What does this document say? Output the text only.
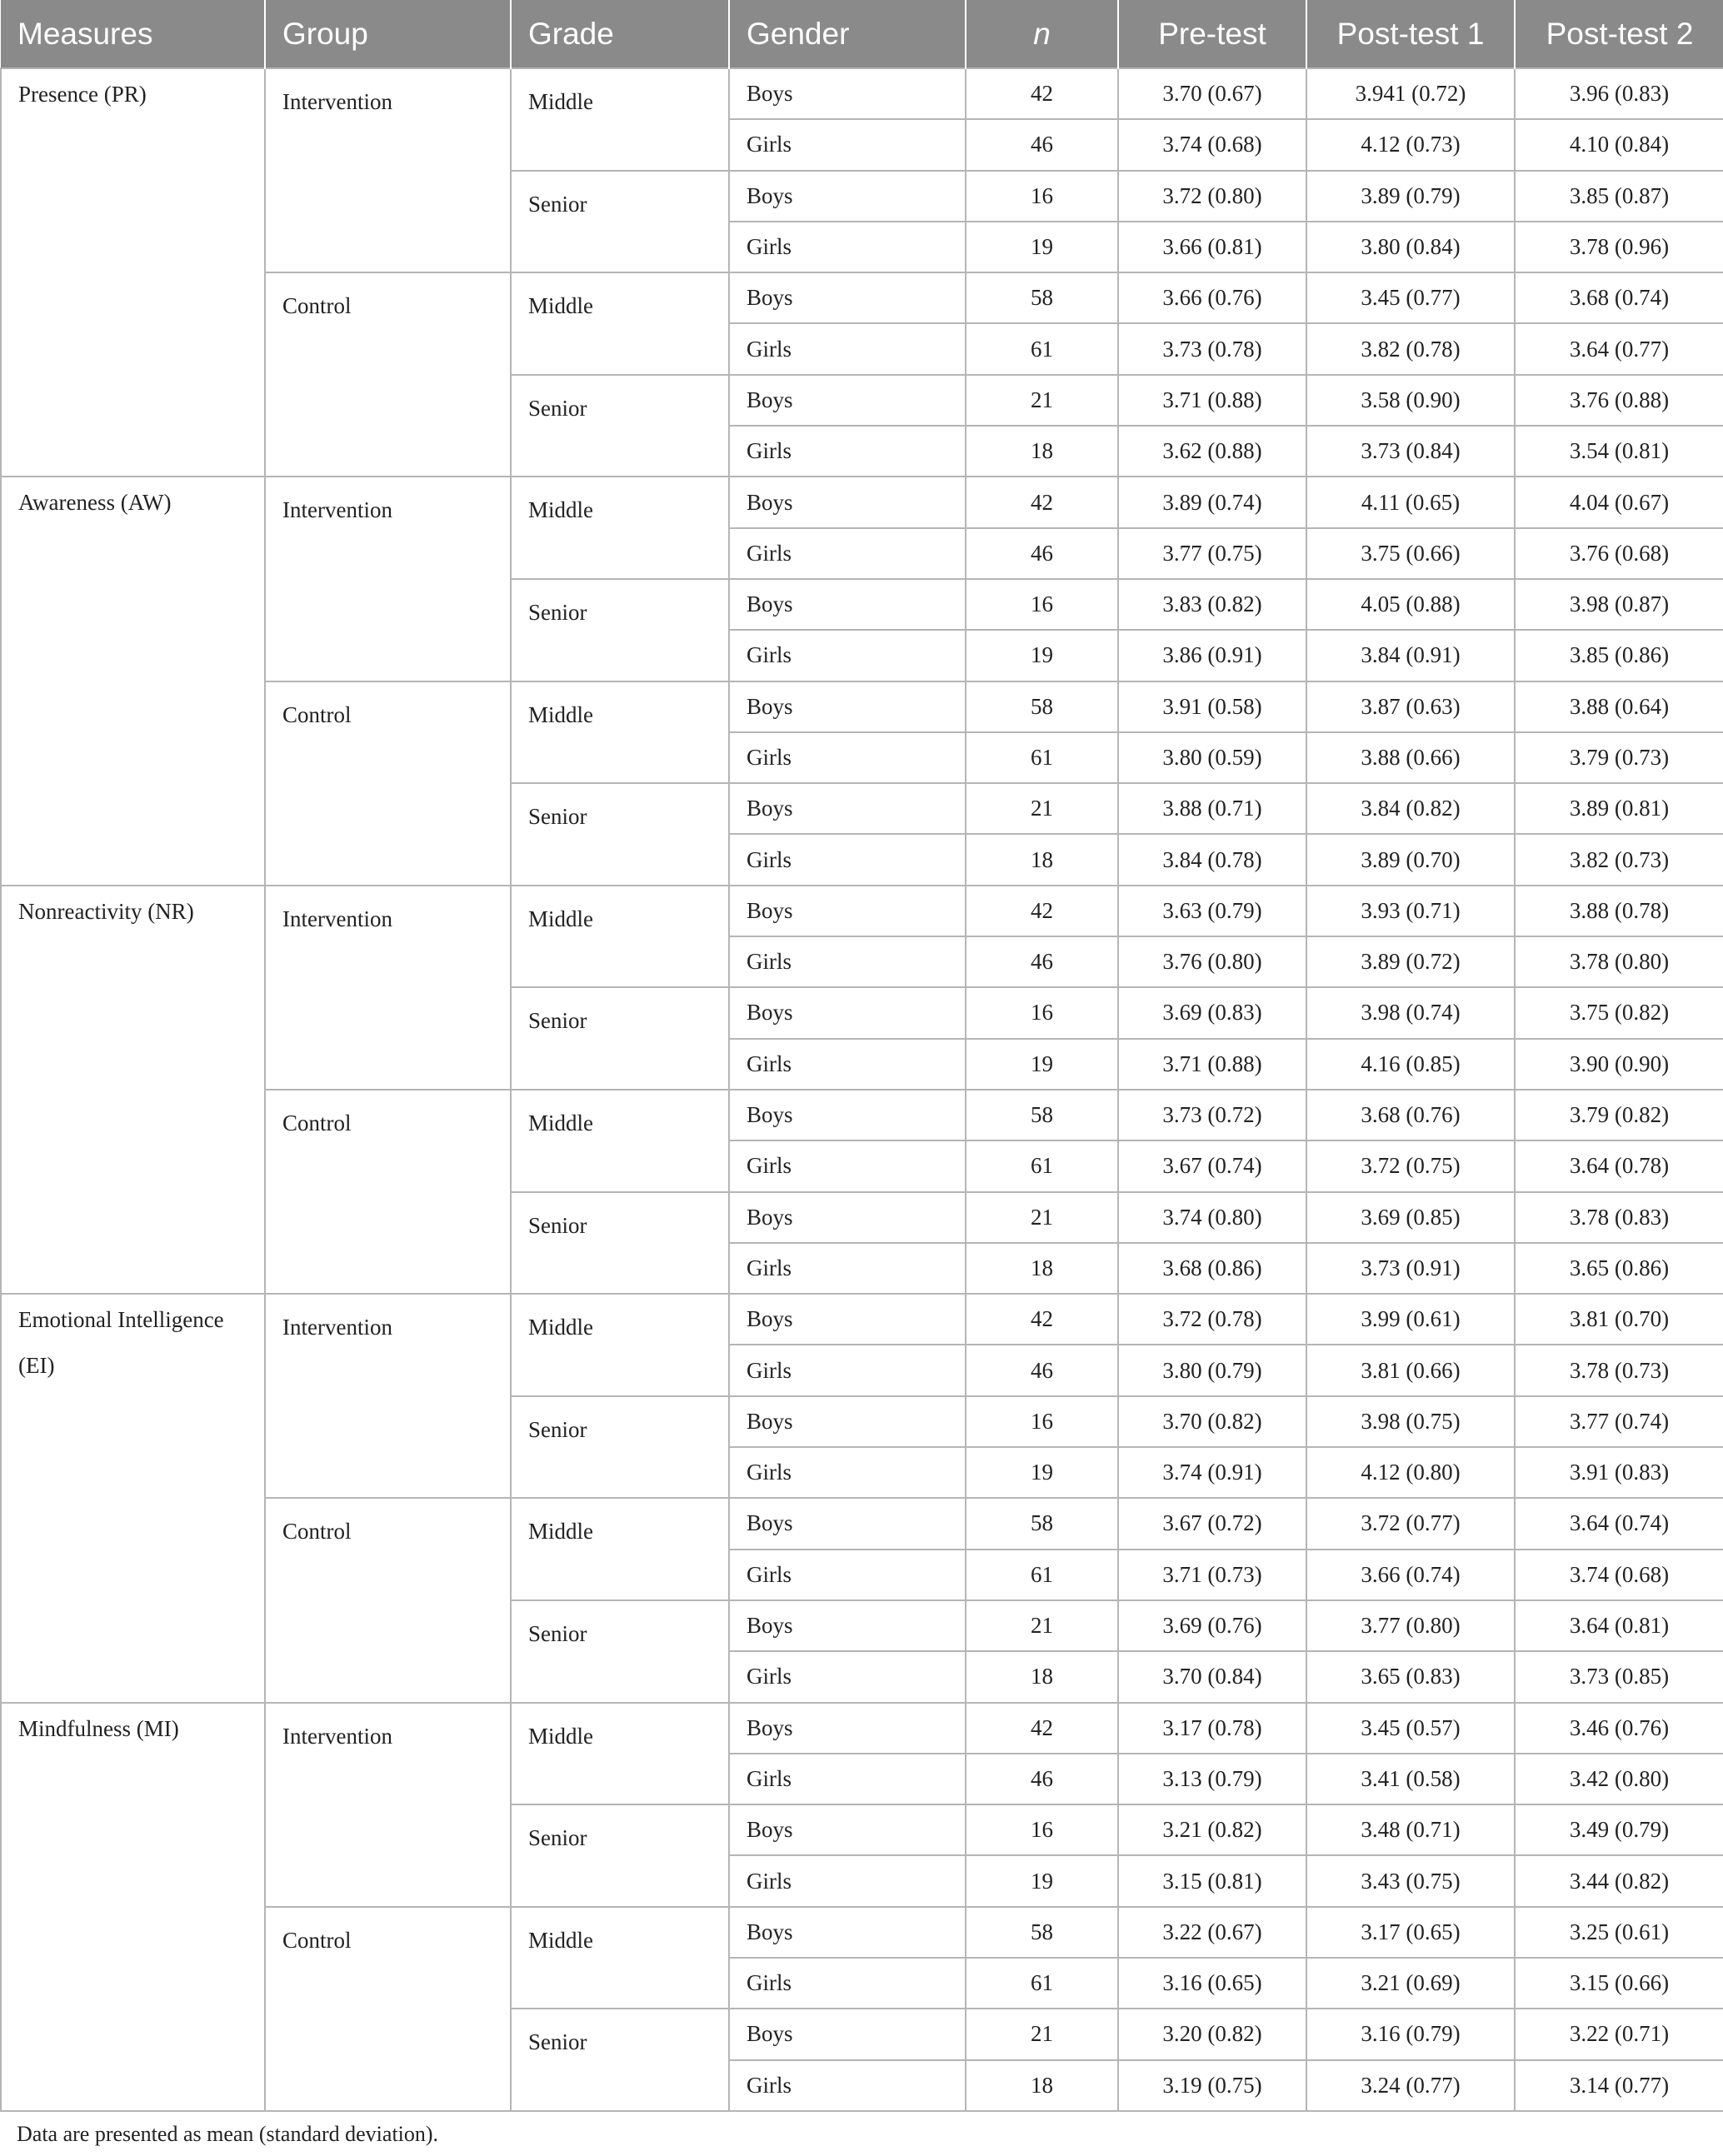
Measures	Group	Grade	Gender	n	Pre-test	Post-test 1	Post-test 2
Presence (PR)	Intervention	Middle	Boys	42	3.70 (0.67)	3.941 (0.72)	3.96 (0.83)
			Girls	46	3.74 (0.68)	4.12 (0.73)	4.10 (0.84)
		Senior	Boys	16	3.72 (0.80)	3.89 (0.79)	3.85 (0.87)
			Girls	19	3.66 (0.81)	3.80 (0.84)	3.78 (0.96)
	Control	Middle	Boys	58	3.66 (0.76)	3.45 (0.77)	3.68 (0.74)
			Girls	61	3.73 (0.78)	3.82 (0.78)	3.64 (0.77)
		Senior	Boys	21	3.71 (0.88)	3.58 (0.90)	3.76 (0.88)
			Girls	18	3.62 (0.88)	3.73 (0.84)	3.54 (0.81)
Awareness (AW)	Intervention	Middle	Boys	42	3.89 (0.74)	4.11 (0.65)	4.04 (0.67)
			Girls	46	3.77 (0.75)	3.75 (0.66)	3.76 (0.68)
		Senior	Boys	16	3.83 (0.82)	4.05 (0.88)	3.98 (0.87)
			Girls	19	3.86 (0.91)	3.84 (0.91)	3.85 (0.86)
	Control	Middle	Boys	58	3.91 (0.58)	3.87 (0.63)	3.88 (0.64)
			Girls	61	3.80 (0.59)	3.88 (0.66)	3.79 (0.73)
		Senior	Boys	21	3.88 (0.71)	3.84 (0.82)	3.89 (0.81)
			Girls	18	3.84 (0.78)	3.89 (0.70)	3.82 (0.73)
Nonreactivity (NR)	Intervention	Middle	Boys	42	3.63 (0.79)	3.93 (0.71)	3.88 (0.78)
			Girls	46	3.76 (0.80)	3.89 (0.72)	3.78 (0.80)
		Senior	Boys	16	3.69 (0.83)	3.98 (0.74)	3.75 (0.82)
			Girls	19	3.71 (0.88)	4.16 (0.85)	3.90 (0.90)
	Control	Middle	Boys	58	3.73 (0.72)	3.68 (0.76)	3.79 (0.82)
			Girls	61	3.67 (0.74)	3.72 (0.75)	3.64 (0.78)
		Senior	Boys	21	3.74 (0.80)	3.69 (0.85)	3.78 (0.83)
			Girls	18	3.68 (0.86)	3.73 (0.91)	3.65 (0.86)
Emotional Intelligence (EI)	Intervention	Middle	Boys	42	3.72 (0.78)	3.99 (0.61)	3.81 (0.70)
			Girls	46	3.80 (0.79)	3.81 (0.66)	3.78 (0.73)
		Senior	Boys	16	3.70 (0.82)	3.98 (0.75)	3.77 (0.74)
			Girls	19	3.74 (0.91)	4.12 (0.80)	3.91 (0.83)
	Control	Middle	Boys	58	3.67 (0.72)	3.72 (0.77)	3.64 (0.74)
			Girls	61	3.71 (0.73)	3.66 (0.74)	3.74 (0.68)
		Senior	Boys	21	3.69 (0.76)	3.77 (0.80)	3.64 (0.81)
			Girls	18	3.70 (0.84)	3.65 (0.83)	3.73 (0.85)
Mindfulness (MI)	Intervention	Middle	Boys	42	3.17 (0.78)	3.45 (0.57)	3.46 (0.76)
			Girls	46	3.13 (0.79)	3.41 (0.58)	3.42 (0.80)
		Senior	Boys	16	3.21 (0.82)	3.48 (0.71)	3.49 (0.79)
			Girls	19	3.15 (0.81)	3.43 (0.75)	3.44 (0.82)
	Control	Middle	Boys	58	3.22 (0.67)	3.17 (0.65)	3.25 (0.61)
			Girls	61	3.16 (0.65)	3.21 (0.69)	3.15 (0.66)
		Senior	Boys	21	3.20 (0.82)	3.16 (0.79)	3.22 (0.71)
			Girls	18	3.19 (0.75)	3.24 (0.77)	3.14 (0.77)
Data are presented as mean (standard deviation).
